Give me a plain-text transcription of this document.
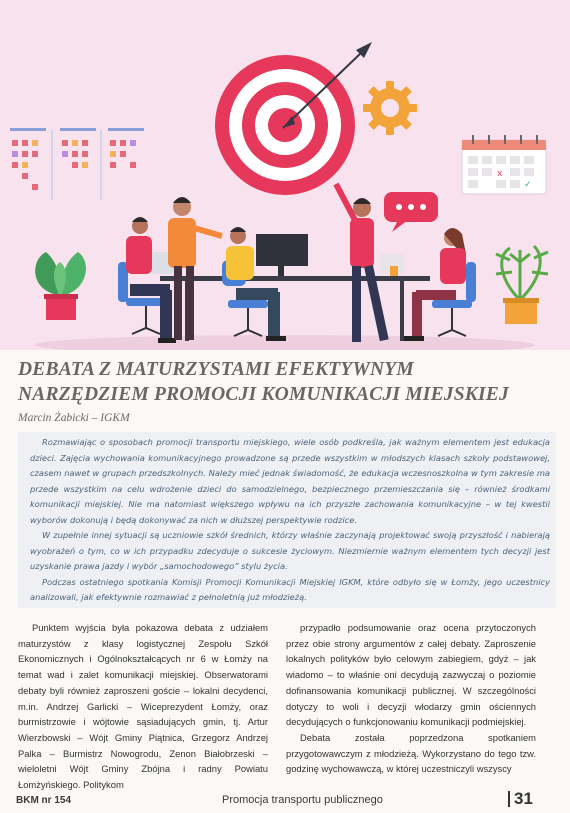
x
✓
DEBATA Z MATURZYSTAMI EFEKTYWNYM
NARZĘDZIEM PROMOCJI KOMUNIKACJI MIEJSKIEJ
Marcin Żabicki – IGKM

Rozmawiając o sposobach promocji transportu miejskiego, wiele osób podkreśla, jak ważnym elementem jest edukacja dzieci. Zajęcia wychowania komunikacyjnego prowadzone są przede wszystkim w młodszych klasach szkoły podstawowej, czasem nawet w grupach przedszkolnych. Należy mieć jednak świadomość, że edukacja wczesnoszkolna w tym zakresie ma przede wszystkim na celu wdrożenie dzieci do samodzielnego, bezpiecznego przemieszczania się – również środkami komunikacji miejskiej. Nie ma natomiast większego wpływu na ich przyszłe zachowania komunikacyjne – w tej kwestii wyborów dokonują i będą dokonywać za nich w dłuższej perspektywie rodzice.

W zupełnie innej sytuacji są uczniowie szkół średnich, którzy właśnie zaczynają projektować swoją przyszłość i nabierają wyobrażeń o tym, co w ich przypadku zdecyduje o sukcesie życiowym. Niezmiernie ważnym elementem tych decyzji jest uzyskanie prawa jazdy i wybór „samochodowego” stylu życia.

Podczas ostatniego spotkania Komisji Promocji Komunikacji Miejskiej IGKM, które odbyło się w Łomży, jego uczestnicy analizowali, jak efektywnie rozmawiać z pełnoletnią już młodzieżą.

Punktem wyjścia była pokazowa debata z udziałem maturzystów z klasy logistycznej Zespołu Szkół Ekonomicznych i Ogólnokształcących nr 6 w Łomży na temat wad i zalet komunikacji miejskiej. Obserwatorami debaty byli również zaproszeni goście – lokalni decydenci, m.in. Andrzej Garlicki – Wiceprezydent Łomży, oraz burmistrzowie i wójtowie sąsiadujących gmin, tj. Artur Wierzbowski – Wójt Gminy Piątnica, Grzegorz Andrzej Palka – Burmistrz Nowogrodu, Zenon Białobrzeski – wieloletni Wójt Gminy Zbójna i radny Powiatu Łomżyńskiego. Politykom

przypadło podsumowanie oraz ocena przytoczonych przez obie strony argumentów z całej debaty. Zaproszenie lokalnych polityków było celowym zabiegiem, gdyż – jak wiadomo – to właśnie oni decydują zazwyczaj o poziomie dofinansowania komunikacji publicznej. W szczególności dotyczy to woli i decyzji włodarzy gmin ościennych decydujących o funkcjonowaniu komunikacji podmiejskiej.

Debata została poprzedzona spotkaniem przygotowawczym z młodzieżą. Wykorzystano do tego tzw. godzinę wychowawczą, w której uczestniczyli wszyscy

BKM nr 154	Promocja transportu publicznego	31
